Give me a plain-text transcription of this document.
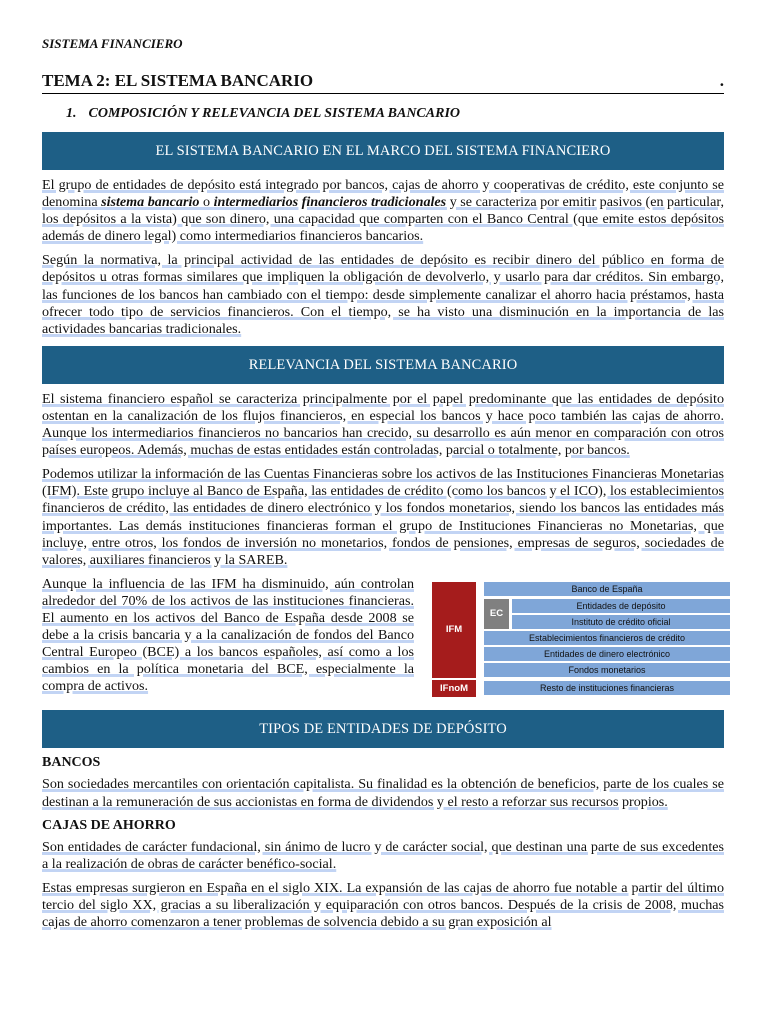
SISTEMA FINANCIERO
TEMA 2: EL SISTEMA BANCARIO	.
1. COMPOSICIÓN Y RELEVANCIA DEL SISTEMA BANCARIO
EL SISTEMA BANCARIO EN EL MARCO DEL SISTEMA FINANCIERO

El grupo de entidades de depósito está integrado por bancos, cajas de ahorro y cooperativas de crédito, este conjunto se denomina sistema bancario o intermediarios financieros tradicionales y se caracteriza por emitir pasivos (en particular, los depósitos a la vista) que son dinero, una capacidad que comparten con el Banco Central (que emite estos depósitos además de dinero legal) como intermediarios financieros bancarios.

Según la normativa, la principal actividad de las entidades de depósito es recibir dinero del público en forma de depósitos u otras formas similares que impliquen la obligación de devolverlo, y usarlo para dar créditos. Sin embargo, las funciones de los bancos han cambiado con el tiempo: desde simplemente canalizar el ahorro hacia préstamos, hasta ofrecer todo tipo de servicios financieros. Con el tiempo, se ha visto una disminución en la importancia de las actividades bancarias tradicionales.

RELEVANCIA DEL SISTEMA BANCARIO

El sistema financiero español se caracteriza principalmente por el papel predominante que las entidades de depósito ostentan en la canalización de los flujos financieros, en especial los bancos y hace poco también las cajas de ahorro. Aunque los intermediarios financieros no bancarios han crecido, su desarrollo es aún menor en comparación con otros países europeos. Además, muchas de estas entidades están controladas, parcial o totalmente, por bancos.

Podemos utilizar la información de las Cuentas Financieras sobre los activos de las Instituciones Financieras Monetarias (IFM). Este grupo incluye al Banco de España, las entidades de crédito (como los bancos y el ICO), los establecimientos financieros de crédito, las entidades de dinero electrónico y los fondos monetarios, siendo los bancos las entidades más importantes. Las demás instituciones financieras forman el grupo de Instituciones Financieras no Monetarias, que incluye, entre otros, los fondos de inversión no monetarios, fondos de pensiones, empresas de seguros, sociedades de valores, auxiliares financieros y la SAREB.

Aunque la influencia de las IFM ha disminuido, aún controlan alrededor del 70% de los activos de las instituciones financieras. El aumento en los activos del Banco de España desde 2008 se debe a la crisis bancaria y a la canalización de fondos del Banco Central Europeo (BCE) a los bancos españoles, así como a los cambios en la política monetaria del BCE, especialmente la compra de activos.

IFM
IFnoM
EC
Banco de España
Entidades de depósito
Instituto de crédito oficial
Establecimientos financieros de crédito
Entidades de dinero electrónico
Fondos monetarios
Resto de instituciones financieras
TIPOS DE ENTIDADES DE DEPÓSITO
BANCOS

Son sociedades mercantiles con orientación capitalista. Su finalidad es la obtención de beneficios, parte de los cuales se destinan a la remuneración de sus accionistas en forma de dividendos y el resto a reforzar sus recursos propios.

CAJAS DE AHORRO

Son entidades de carácter fundacional, sin ánimo de lucro y de carácter social, que destinan una parte de sus excedentes a la realización de obras de carácter benéfico-social.

Estas empresas surgieron en España en el siglo XIX. La expansión de las cajas de ahorro fue notable a partir del último tercio del siglo XX, gracias a su liberalización y equiparación con otros bancos. Después de la crisis de 2008, muchas cajas de ahorro comenzaron a tener problemas de solvencia debido a su gran exposición al
